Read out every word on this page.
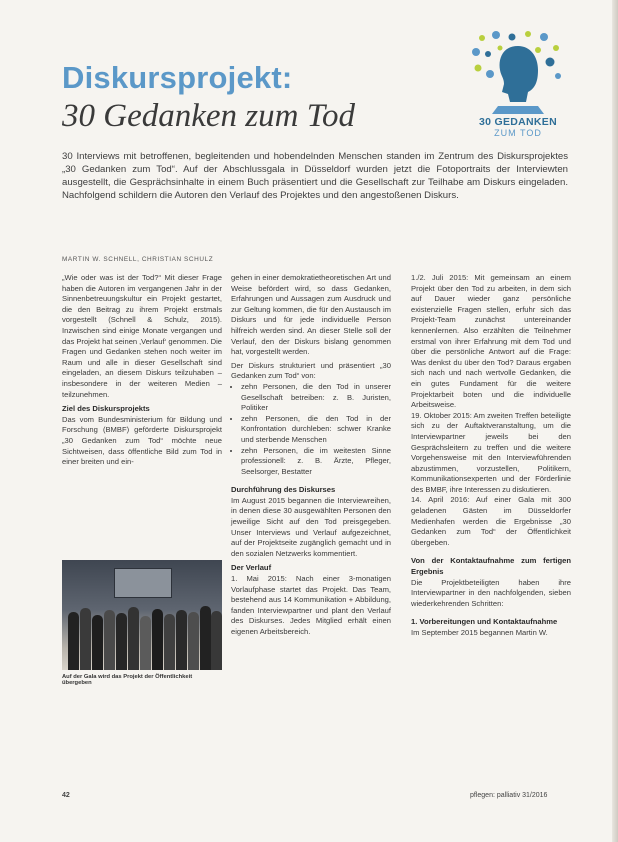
Diskursprojekt:
30 Gedanken zum Tod	30 GEDANKEN
ZUM TOD

30 Interviews mit betroffenen, begleitenden und hobendelnden Menschen standen im Zentrum des Diskursprojektes „30 Gedanken zum Tod“. Auf der Abschlussgala in Düsseldorf wurden jetzt die Fotoportraits der Interviewten ausgestellt, die Gesprächsinhalte in einem Buch präsentiert und die Gesellschaft zur Teilhabe am Diskurs eingeladen. Nachfolgend schildern die Autoren den Verlauf des Projektes und den angestoßenen Diskurs.

MARTIN W. SCHNELL, CHRISTIAN SCHULZ

„Wie oder was ist der Tod?“ Mit dieser Frage haben die Autoren im vergangenen Jahr in der Sinnenbetreuungskultur ein Projekt gestartet, die den Beitrag zu ihrem Projekt erstmals vorgestellt (Schnell & Schulz, 2015). Inzwischen sind einige Monate vergangen und das Projekt hat seinen ‚Verlauf‘ genommen. Die Fragen und Gedanken stehen noch weiter im Raum und alle in dieser Gesellschaft sind eingeladen, an diesem Diskurs teilzuhaben – insbesondere in der weiteren Medien – teilzunehmen.

Ziel des Diskursprojekts

Das vom Bundesministerium für Bildung und Forschung (BMBF) geförderte Diskursprojekt „30 Gedanken zum Tod“ möchte neue Sichtweisen, dass öffentliche Bild zum Tod in einer breiten und ein-

Auf der Gala wird das Projekt der Öffentlichkeit übergeben

gehen in einer demokratietheoretischen Art und Weise befördert wird, so dass Gedanken, Erfahrungen und Aussagen zum Ausdruck und zur Geltung kommen, die für den Austausch im Diskurs und für jede individuelle Person hilfreich werden sind. An dieser Stelle soll der Verlauf, den der Diskurs bislang genommen hat, vorgestellt werden.

Der Diskurs strukturiert und präsentiert „30 Gedanken zum Tod“ von:

• zehn Personen, die den Tod in unserer Gesellschaft betreiben: z. B. Juristen, Politiker
• zehn Personen, die den Tod in der Konfrontation durchleben: schwer Kranke und sterbende Menschen
• zehn Personen, die im weitesten Sinne professionell: z. B. Ärzte, Pfleger, Seelsorger, Bestatter

Durchführung des Diskurses

Im August 2015 begannen die Interviewreihen, in denen diese 30 ausgewählten Personen den jeweilige Sicht auf den Tod preisgegeben. Unser Interviews und Verlauf aufgezeichnet, auf der Projektseite zugänglich gemacht und in den sozialen Netzwerks kommentiert.

Der Verlauf

1. Mai 2015: Nach einer 3-monatigen Vorlaufphase startet das Projekt. Das Team, bestehend aus 14 Kommunikation + Abbildung, fanden Interviewpartner und plant den Verlauf des Diskurses. Jedes Mitglied erhält einen eigenen Arbeitsbereich.

1./2. Juli 2015: Mit gemeinsam an einem Projekt über den Tod zu arbeiten, in dem sich auf Dauer wieder ganz persönliche existenzielle Fragen stellen, erfuhr sich das Projekt-Team zunächst untereinander kennenlernen. Also erzählten die Teilnehmer erstmal von ihrer Erfahrung mit dem Tod und über die persönliche Antwort auf die Frage: Was denkst du über den Tod? Daraus ergaben sich nach und nach wertvolle Gedanken, die ein gutes Fundament für die weitere Projektarbeit boten und die individuelle Arbeitsweise.

19. Oktober 2015: Am zweiten Treffen beteiligte sich zu der Auftaktveranstaltung, um die Interviewpartner jeweils bei den Gesprächsleitern zu treffen und die weitere Vorgehensweise mit den Interviewführenden abzustimmen, vorzustellen, Politikern, Kommunikationsexperten und der Förderlinie des BMBF, ihre Interessen zu diskutieren.

14. April 2016: Auf einer Gala mit 300 geladenen Gästen im Düsseldorfer Medienhafen werden die Ergebnisse „30 Gedanken zum Tod“ der Öffentlichkeit übergeben.

Von der Kontaktaufnahme zum fertigen Ergebnis

Die Projektbeteiligten haben ihre Interviewpartner in den nachfolgenden, sieben wiederkehrenden Schritten:

1. Vorbereitungen und Kontaktaufnahme

Im September 2015 begannen Martin W.

42	pflegen: palliativ 31/2016
